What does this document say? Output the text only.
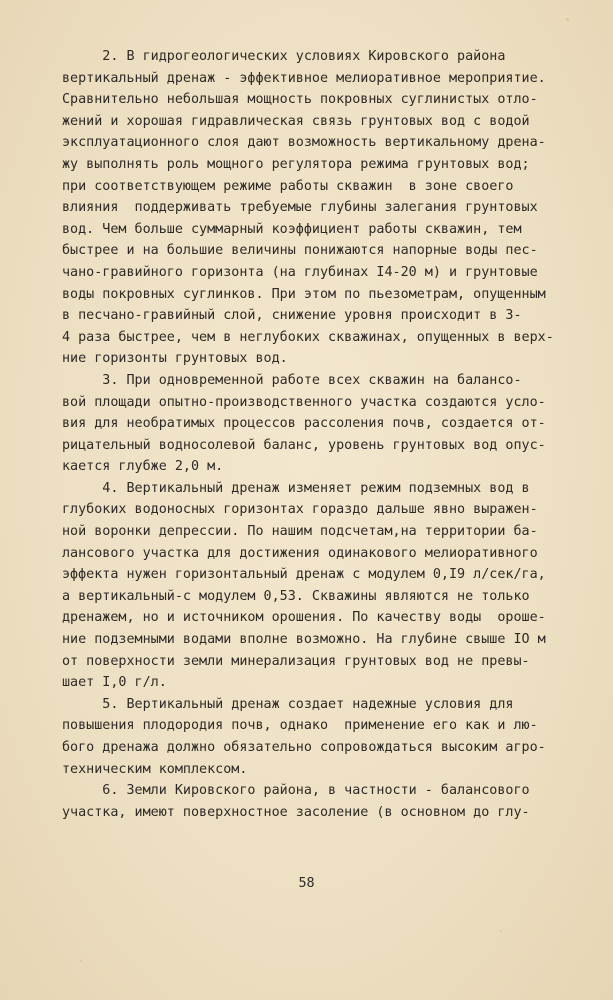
2. В гидрогеологических условиях Кировского района
вертикальный дренаж - эффективное мелиоративное мероприятие.
Сравнительно небольшая мощность покровных суглинистых отло-
жений и хорошая гидравлическая связь грунтовых вод с водой
эксплуатационного слоя дают возможность вертикальному дрена-
жу выполнять роль мощного регулятора режима грунтовых вод;
при соответствующем режиме работы скважин  в зоне своего
влияния  поддерживать требуемые глубины залегания грунтовых
вод. Чем больше суммарный коэффициент работы скважин, тем
быстрее и на большие величины понижаются напорные воды пес-
чано-гравийного горизонта (на глубинах I4-20 м) и грунтовые
воды покровных суглинков. При этом по пьезометрам, опущенным
в песчано-гравийный слой, снижение уровня происходит в 3-
4 раза быстрее, чем в неглубоких скважинах, опущенных в верх-
ние горизонты грунтовых вод.
3. При одновременной работе всех скважин на балансо-
вой площади опытно-производственного участка создаются усло-
вия для необратимых процессов рассоления почв, создается от-
рицательный водносолевой баланс, уровень грунтовых вод опус-
кается глубже 2,0 м.
4. Вертикальный дренаж изменяет режим подземных вод в
глубоких водоносных горизонтах гораздо дальше явно выражен-
ной воронки депрессии. По нашим подсчетам,на территории ба-
лансового участка для достижения одинакового мелиоративного
эффекта нужен горизонтальный дренаж с модулем 0,I9 л/сек/га,
а вертикальный-с модулем 0,53. Скважины являются не только
дренажем, но и источником орошения. По качеству воды  ороше-
ние подземными водами вполне возможно. На глубине свыше IO м
от поверхности земли минерализация грунтовых вод не превы-
шает I,0 г/л.
5. Вертикальный дренаж создает надежные условия для
повышения плодородия почв, однако  применение его как и лю-
бого дренажа должно обязательно сопровождаться высоким агро-
техническим комплексом.
6. Земли Кировского района, в частности - балансового
участка, имеют поверхностное засоление (в основном до глу-
58
